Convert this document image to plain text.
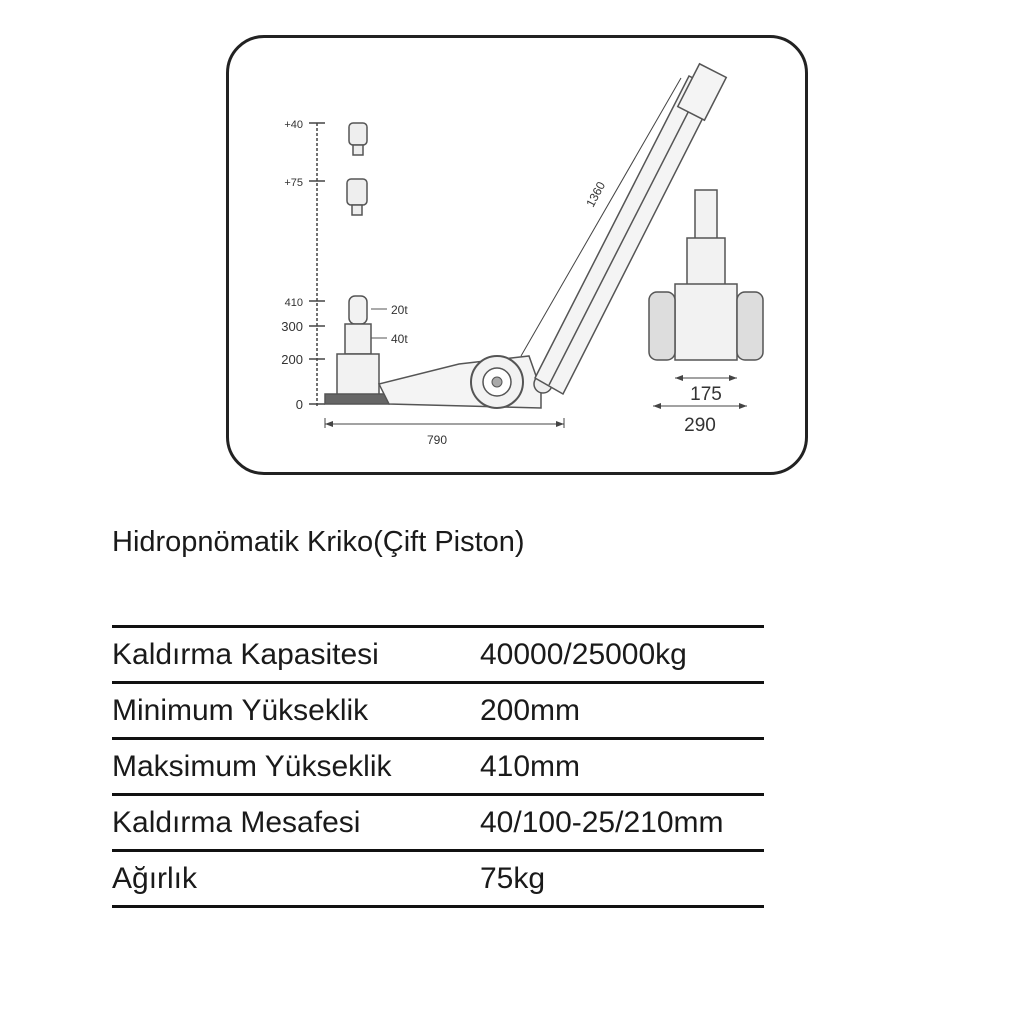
+40
+75
410
300
200
0
20t
40t
1360
790
175
290
Hidropnömatik Kriko(Çift Piston)
Kaldırma Kapasitesi	40000/25000kg
Minimum Yükseklik	200mm
Maksimum Yükseklik	410mm
Kaldırma Mesafesi	40/100-25/210mm
Ağırlık	75kg
